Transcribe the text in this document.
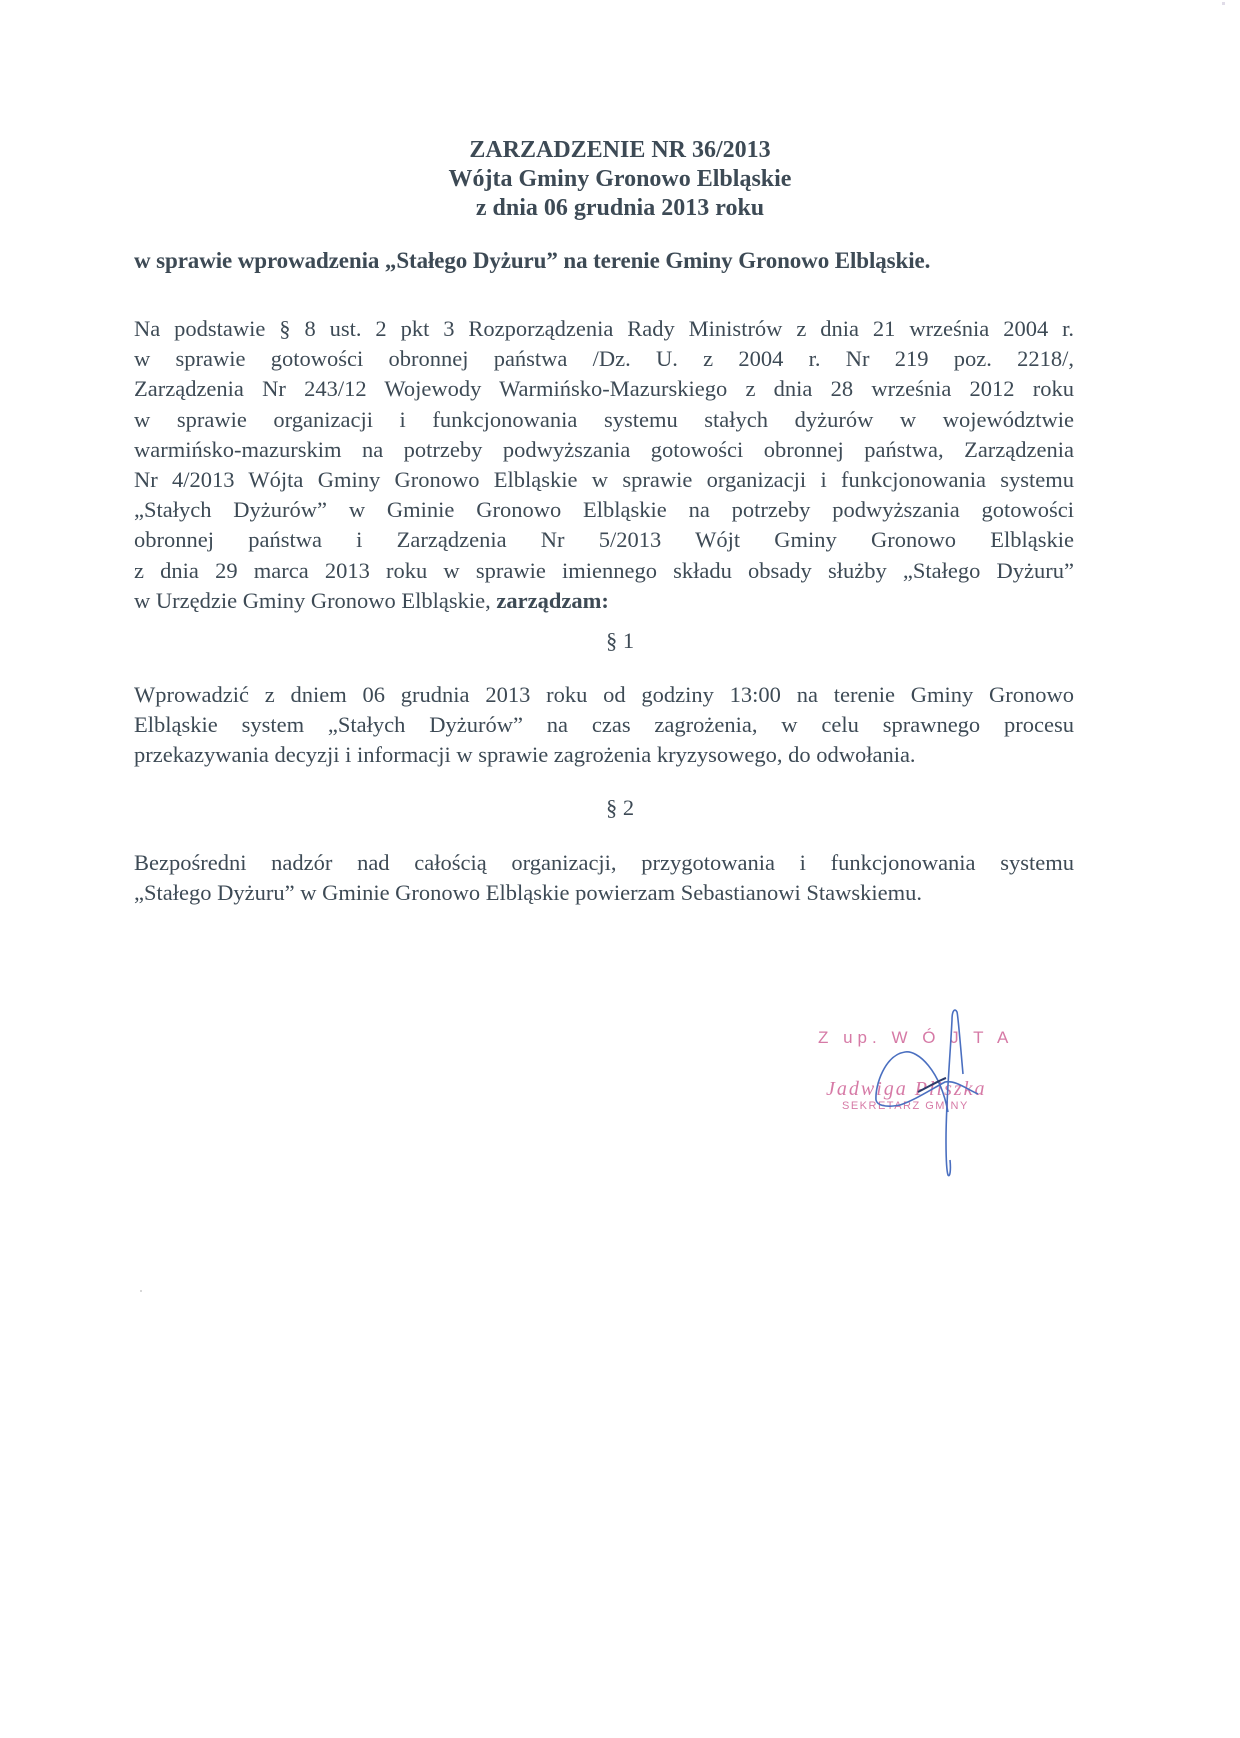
ZARZADZENIE NR 36/2013
Wójta Gminy Gronowo Elbląskie
z dnia 06 grudnia 2013 roku
w sprawie wprowadzenia „Stałego Dyżuru” na terenie Gminy Gronowo Elbląskie.
Na podstawie § 8 ust. 2 pkt 3 Rozporządzenia Rady Ministrów z dnia 21 września 2004 r.
w sprawie gotowości obronnej państwa /Dz. U. z 2004 r. Nr 219 poz. 2218/,
Zarządzenia Nr 243/12 Wojewody Warmińsko-Mazurskiego z dnia 28 września 2012 roku
w sprawie organizacji i funkcjonowania systemu stałych dyżurów w województwie
warmińsko-mazurskim na potrzeby podwyższania gotowości obronnej państwa, Zarządzenia
Nr 4/2013 Wójta Gminy Gronowo Elbląskie w sprawie organizacji i funkcjonowania systemu
„Stałych Dyżurów” w Gminie Gronowo Elbląskie na potrzeby podwyższania gotowości
obronnej państwa i Zarządzenia Nr 5/2013 Wójt Gminy Gronowo Elbląskie
z dnia 29 marca 2013 roku w sprawie imiennego składu obsady służby „Stałego Dyżuru”
w Urzędzie Gminy Gronowo Elbląskie, zarządzam:
§ 1
Wprowadzić z dniem 06 grudnia 2013 roku od godziny 13:00 na terenie Gminy Gronowo
Elbląskie system „Stałych Dyżurów” na czas zagrożenia, w celu sprawnego procesu
przekazywania decyzji i informacji w sprawie zagrożenia kryzysowego, do odwołania.
§ 2
Bezpośredni nadzór nad całością organizacji, przygotowania i funkcjonowania systemu
„Stałego Dyżuru” w Gminie Gronowo Elbląskie powierzam Sebastianowi Stawskiemu.
Z up. W Ó J T A
Jadwiga Pliszka
SEKRETARZ GMINY
